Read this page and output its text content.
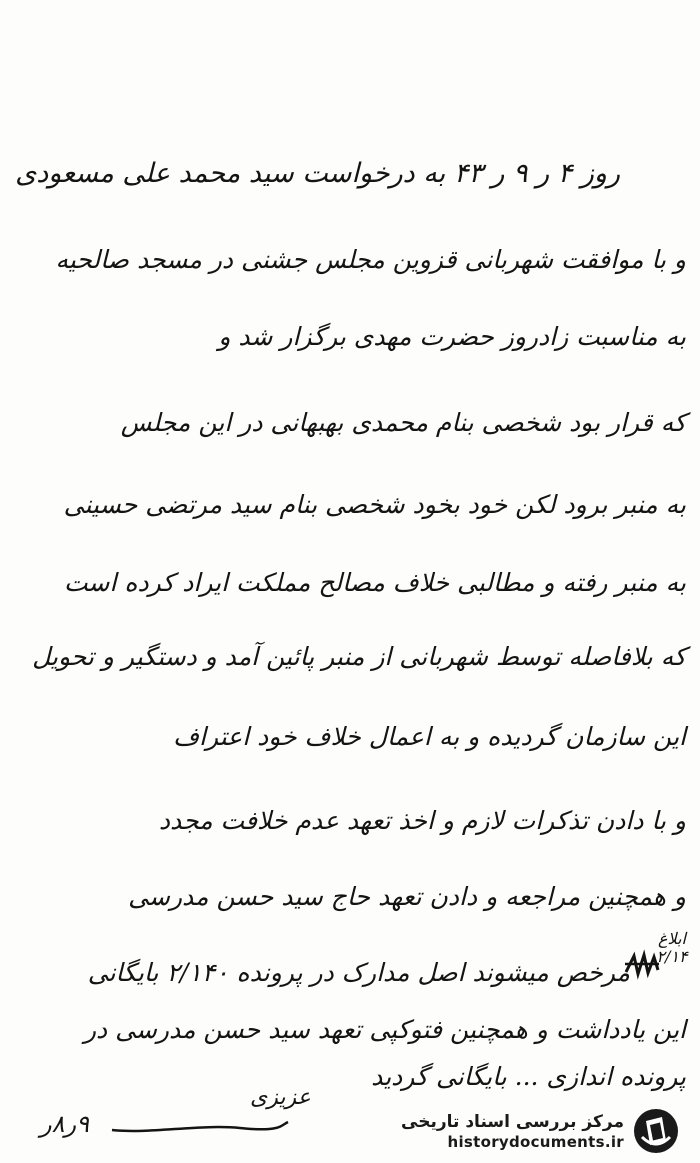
روز ۴ ر ۹ ر ۴۳ به درخواست سید محمد علی مسعودی
و با موافقت شهربانی قزوین مجلس جشنی در مسجد صالحیه
به مناسبت زادروز حضرت مهدی برگزار شد و
که قرار بود شخصی بنام محمدی بهبهانی در این مجلس
به منبر برود لکن خود بخود شخصی بنام سید مرتضی حسینی
به منبر رفته و مطالبی خلاف مصالح مملکت ایراد کرده است
که بلافاصله توسط شهربانی از منبر پائین آمد و دستگیر و تحویل
این سازمان گردیده و به اعمال خلاف خود اعتراف
و با دادن تذکرات لازم و اخذ تعهد عدم خلافت مجدد
و همچنین مراجعه و دادن تعهد حاج سید حسن مدرسی
مرخص میشوند اصل مدارک در پرونده ۲/۱۴۰ بایگانی
این یادداشت و همچنین فتوکپی تعهد سید حسن مدرسی در
پرونده اندازی ... بایگانی گردید
ابلاغ ۲/۱۴
عزیزی
۹ر۸ر	مرکز بررسی اسناد تاریخی
historydocuments.ir
